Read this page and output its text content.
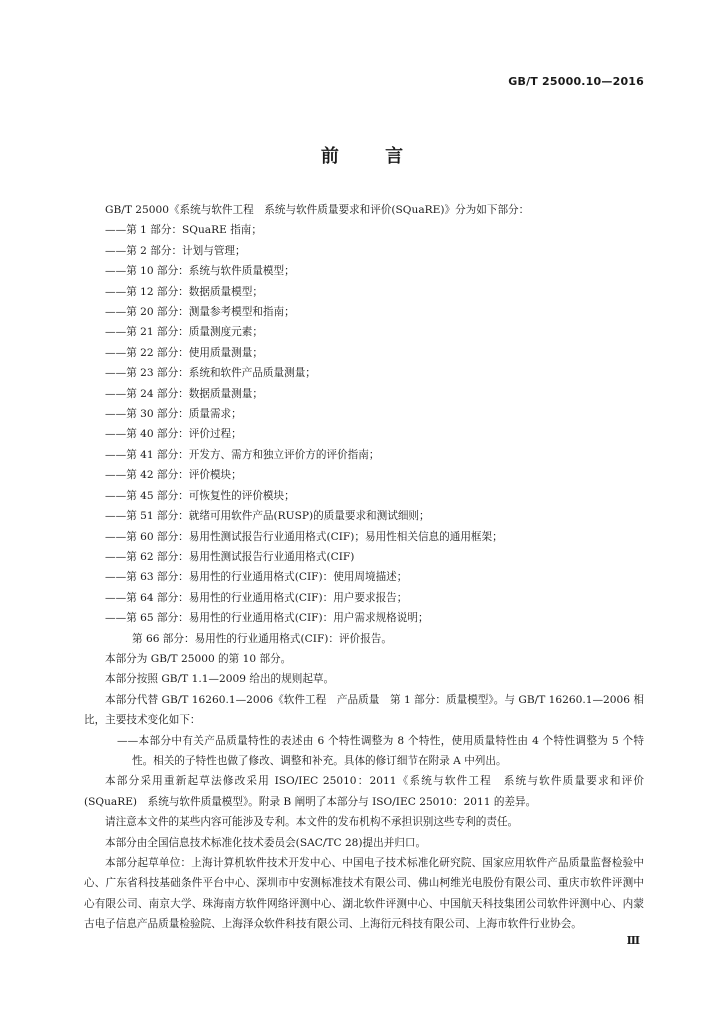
GB/T 25000.10—2016
前 言

GB/T 25000《系统与软件工程　系统与软件质量要求和评价(SQuaRE)》分为如下部分：

——第 1 部分：SQuaRE 指南；

——第 2 部分：计划与管理；

——第 10 部分：系统与软件质量模型；

——第 12 部分：数据质量模型；

——第 20 部分：测量参考模型和指南；

——第 21 部分：质量测度元素；

——第 22 部分：使用质量测量；

——第 23 部分：系统和软件产品质量测量；

——第 24 部分：数据质量测量；

——第 30 部分：质量需求；

——第 40 部分：评价过程；

——第 41 部分：开发方、需方和独立评价方的评价指南；

——第 42 部分：评价模块；

——第 45 部分：可恢复性的评价模块；

——第 51 部分：就绪可用软件产品(RUSP)的质量要求和测试细则；

——第 60 部分：易用性测试报告行业通用格式(CIF)；易用性相关信息的通用框架；

——第 62 部分：易用性测试报告行业通用格式(CIF)

——第 63 部分：易用性的行业通用格式(CIF)：使用周境描述；

——第 64 部分：易用性的行业通用格式(CIF)：用户要求报告；

——第 65 部分：易用性的行业通用格式(CIF)：用户需求规格说明；

第 66 部分：易用性的行业通用格式(CIF)：评价报告。

本部分为 GB/T 25000 的第 10 部分。

本部分按照 GB/T 1.1—2009 给出的规则起草。

本部分代替 GB/T 16260.1—2006《软件工程　产品质量　第 1 部分：质量模型》。与 GB/T 16260.1—2006 相比，主要技术变化如下：

——本部分中有关产品质量特性的表述由 6 个特性调整为 8 个特性，使用质量特性由 4 个特性调整为 5 个特性。相关的子特性也做了修改、调整和补充。具体的修订细节在附录 A 中列出。

本部分采用重新起草法修改采用 ISO/IEC 25010：2011《系统与软件工程　系统与软件质量要求和评价(SQuaRE)　系统与软件质量模型》。附录 B 阐明了本部分与 ISO/IEC 25010：2011 的差异。

请注意本文件的某些内容可能涉及专利。本文件的发布机构不承担识别这些专利的责任。

本部分由全国信息技术标准化技术委员会(SAC/TC 28)提出并归口。

本部分起草单位：上海计算机软件技术开发中心、中国电子技术标准化研究院、国家应用软件产品质量监督检验中心、广东省科技基础条件平台中心、深圳市中安测标准技术有限公司、佛山柯维光电股份有限公司、重庆市软件评测中心有限公司、南京大学、珠海南方软件网络评测中心、湖北软件评测中心、中国航天科技集团公司软件评测中心、内蒙古电子信息产品质量检验院、上海泽众软件科技有限公司、上海衍元科技有限公司、上海市软件行业协会。

Ⅲ
